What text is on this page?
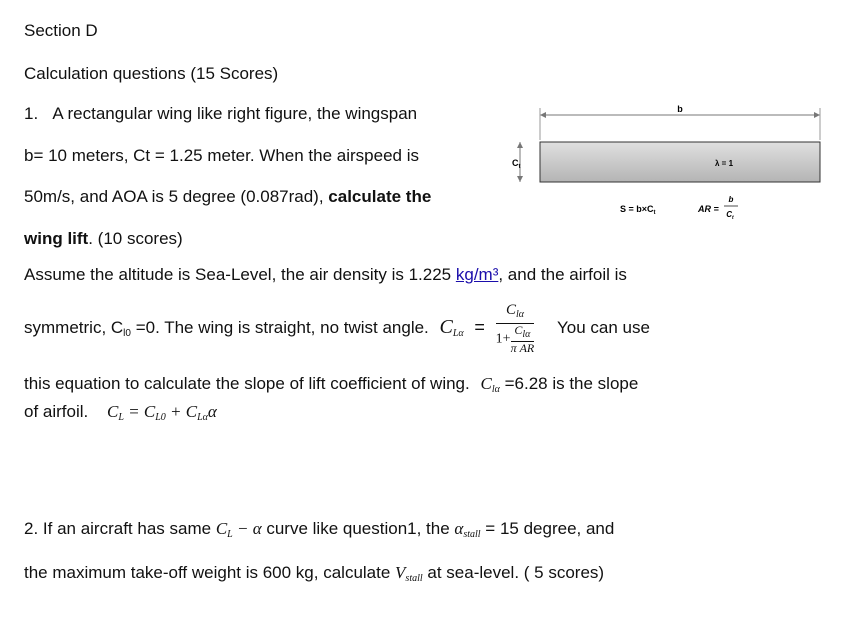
Section D
Calculation questions (15 Scores)
1. A rectangular wing like right figure, the wingspan
b= 10 meters, Ct = 1.25 meter. When the airspeed is
50m/s, and AOA is 5 degree (0.087rad), calculate the
wing lift. (10 scores)
Assume the altitude is Sea-Level, the air density is 1.225 kg/m³, and the airfoil is
symmetric, $C_{l0} =0$. The wing is straight, no twist angle. $C_{L\alpha} = \frac{C_{l\alpha}}{1+ \frac{C_{l\alpha}}{\text{π AR}}}$ You can use
this equation to calculate the slope of lift coefficient of wing. $C_{l\alpha} =6.28$ is the slope
of airfoil. $C_L = C_{L0} + C_{L\alpha}\alpha$
b
$C_t$	λ = 1
$S = b\times C_t$	AR =
b
$C_t$
2. If an aircraft has same $C_L - \alpha$ curve like question1, the $\alpha_{stall} = 15$ degree, and
the maximum take-off weight is 600 kg, calculate $V_{stall}$ at sea-level. ( 5 scores)
